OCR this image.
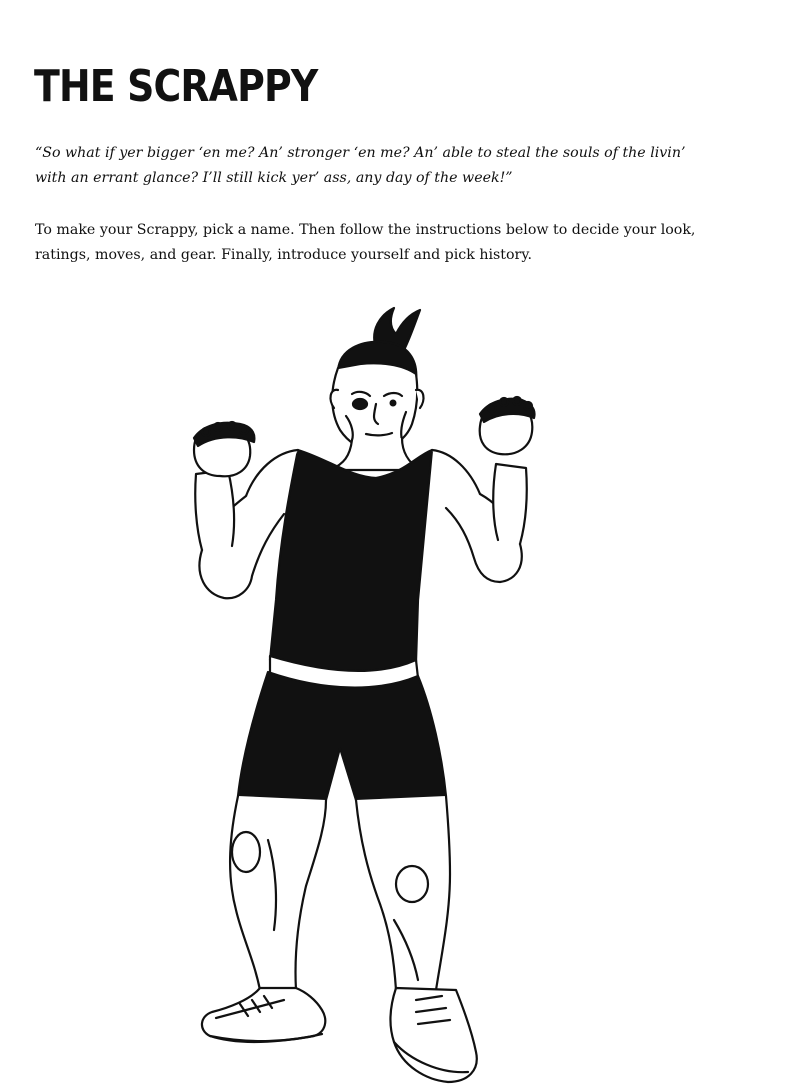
THE SCRAPPY

“So what if yer bigger ‘en me? An’ stronger ‘en me? An’ able to steal the souls of the livin’
with an errant glance? I’ll still kick yer’ ass, any day of the week!”

To make your Scrappy, pick a name. Then follow the instructions below to decide your look,
ratings, moves, and gear. Finally, introduce yourself and pick history.
